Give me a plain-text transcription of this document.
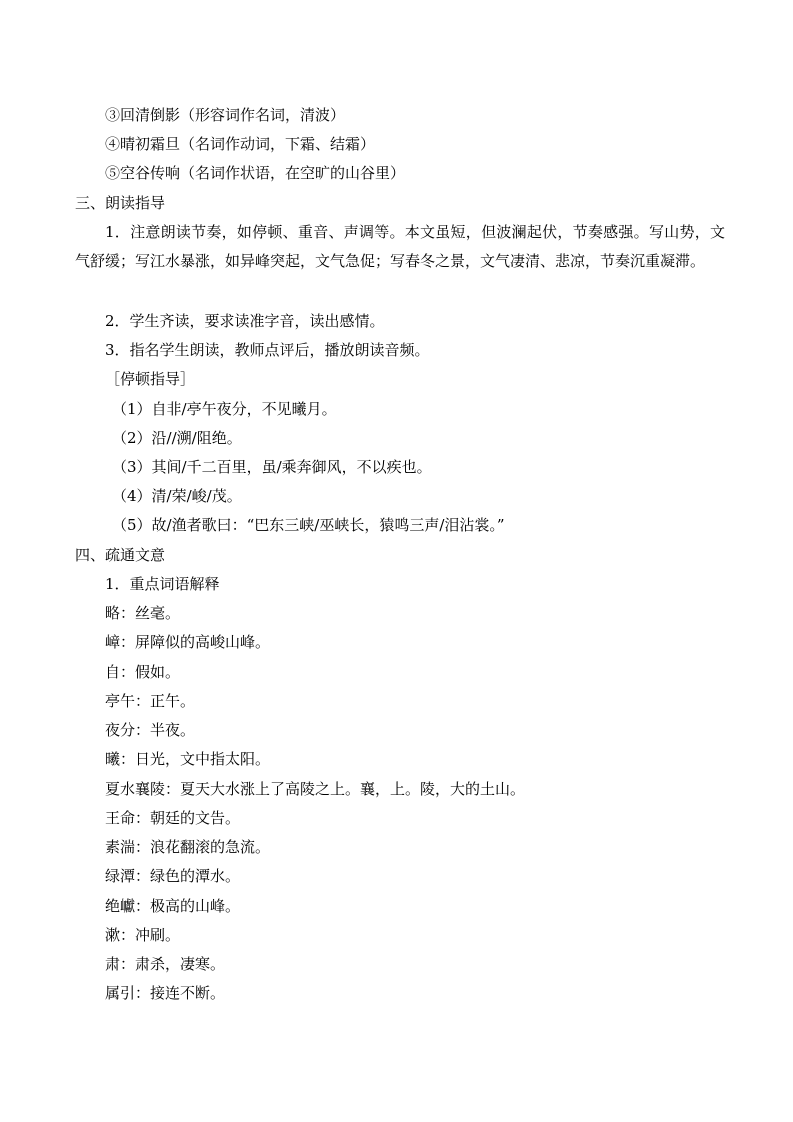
③回清倒影（形容词作名词，清波）
④晴初霜旦（名词作动词，下霜、结霜）
⑤空谷传响（名词作状语，在空旷的山谷里）
三、朗读指导
1．注意朗读节奏，如停顿、重音、声调等。本文虽短，但波澜起伏，节奏感强。写山势，文气舒缓；写江水暴涨，如异峰突起，文气急促；写春冬之景，文气凄清、悲凉，节奏沉重凝滞。
2．学生齐读，要求读准字音，读出感情。
3．指名学生朗读，教师点评后，播放朗读音频。
［停顿指导］
（1）自非/亭午夜分，不见曦月。
（2）沿//溯/阻绝。
（3）其间/千二百里，虽/乘奔御风，不以疾也。
（4）清/荣/峻/茂。
（5）故/渔者歌曰：“巴东三峡/巫峡长，猿鸣三声/泪沾裳。”
四、疏通文意
1．重点词语解释
略：丝毫。
嶂：屏障似的高峻山峰。
自：假如。
亭午：正午。
夜分：半夜。
曦：日光，文中指太阳。
夏水襄陵：夏天大水涨上了高陵之上。襄，上。陵，大的土山。
王命：朝廷的文告。
素湍：浪花翻滚的急流。
绿潭：绿色的潭水。
绝巘：极高的山峰。
漱：冲刷。
肃：肃杀，凄寒。
属引：接连不断。
